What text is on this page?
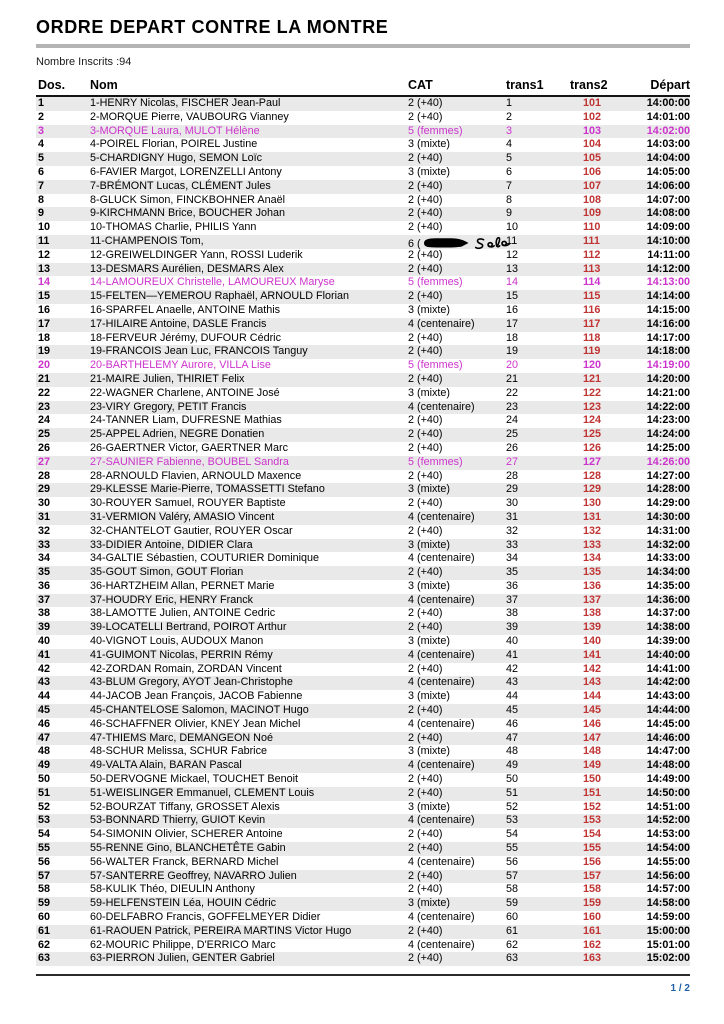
ORDRE DEPART CONTRE LA MONTRE
Nombre Inscrits :94
Dos.	Nom	CAT	trans1	trans2	Départ
1	1-HENRY Nicolas, FISCHER Jean-Paul	2 (+40)	1	101	14:00:00
2	2-MORQUE Pierre, VAUBOURG Vianney	2 (+40)	2	102	14:01:00
3	3-MORQUE Laura, MULOT Hélène	5 (femmes)	3	103	14:02:00
4	4-POIREL Florian, POIREL Justine	3 (mixte)	4	104	14:03:00
5	5-CHARDIGNY Hugo, SEMON Loïc	2 (+40)	5	105	14:04:00
6	6-FAVIER Margot, LORENZELLI Antony	3 (mixte)	6	106	14:05:00
7	7-BRÉMONT Lucas, CLÉMENT Jules	2 (+40)	7	107	14:06:00
8	8-GLUCK Simon, FINCKBOHNER Anaël	2 (+40)	8	108	14:07:00
9	9-KIRCHMANN Brice, BOUCHER Johan	2 (+40)	9	109	14:08:00
10	10-THOMAS Charlie, PHILIS Yann	2 (+40)	10	110	14:09:00
11	11-CHAMPENOIS Tom,	6 (	11	111	14:10:00
12	12-GREIWELDINGER Yann, ROSSI Luderik	2 (+40)	12	112	14:11:00
13	13-DESMARS Aurélien, DESMARS Alex	2 (+40)	13	113	14:12:00
14	14-LAMOUREUX Christelle, LAMOUREUX Maryse	5 (femmes)	14	114	14:13:00
15	15-FELTEN—YEMEROU Raphaël, ARNOULD Florian	2 (+40)	15	115	14:14:00
16	16-SPARFEL Anaelle, ANTOINE Mathis	3 (mixte)	16	116	14:15:00
17	17-HILAIRE Antoine, DASLE Francis	4 (centenaire)	17	117	14:16:00
18	18-FERVEUR Jérémy, DUFOUR Cédric	2 (+40)	18	118	14:17:00
19	19-FRANCOIS Jean Luc, FRANCOIS Tanguy	2 (+40)	19	119	14:18:00
20	20-BARTHELEMY Aurore, VILLA Lise	5 (femmes)	20	120	14:19:00
21	21-MAIRE Julien, THIRIET Felix	2 (+40)	21	121	14:20:00
22	22-WAGNER Charlene, ANTOINE José	3 (mixte)	22	122	14:21:00
23	23-VIRY Gregory, PETIT Francis	4 (centenaire)	23	123	14:22:00
24	24-TANNER Liam, DUFRESNE Mathias	2 (+40)	24	124	14:23:00
25	25-APPEL Adrien, NEGRE Donatien	2 (+40)	25	125	14:24:00
26	26-GAERTNER Victor, GAERTNER Marc	2 (+40)	26	126	14:25:00
27	27-SAUNIER Fabienne, BOUBEL Sandra	5 (femmes)	27	127	14:26:00
28	28-ARNOULD Flavien, ARNOULD Maxence	2 (+40)	28	128	14:27:00
29	29-KLESSE Marie-Pierre, TOMASSETTI Stefano	3 (mixte)	29	129	14:28:00
30	30-ROUYER Samuel, ROUYER Baptiste	2 (+40)	30	130	14:29:00
31	31-VERMION Valéry, AMASIO Vincent	4 (centenaire)	31	131	14:30:00
32	32-CHANTELOT Gautier, ROUYER Oscar	2 (+40)	32	132	14:31:00
33	33-DIDIER Antoine, DIDIER Clara	3 (mixte)	33	133	14:32:00
34	34-GALTIE Sébastien, COUTURIER Dominique	4 (centenaire)	34	134	14:33:00
35	35-GOUT Simon, GOUT Florian	2 (+40)	35	135	14:34:00
36	36-HARTZHEIM Allan, PERNET Marie	3 (mixte)	36	136	14:35:00
37	37-HOUDRY Eric, HENRY Franck	4 (centenaire)	37	137	14:36:00
38	38-LAMOTTE Julien, ANTOINE Cedric	2 (+40)	38	138	14:37:00
39	39-LOCATELLI Bertrand, POIROT Arthur	2 (+40)	39	139	14:38:00
40	40-VIGNOT Louis, AUDOUX Manon	3 (mixte)	40	140	14:39:00
41	41-GUIMONT Nicolas, PERRIN Rémy	4 (centenaire)	41	141	14:40:00
42	42-ZORDAN Romain, ZORDAN Vincent	2 (+40)	42	142	14:41:00
43	43-BLUM Gregory, AYOT Jean-Christophe	4 (centenaire)	43	143	14:42:00
44	44-JACOB Jean François, JACOB Fabienne	3 (mixte)	44	144	14:43:00
45	45-CHANTELOSE Salomon, MACINOT Hugo	2 (+40)	45	145	14:44:00
46	46-SCHAFFNER Olivier, KNEY Jean Michel	4 (centenaire)	46	146	14:45:00
47	47-THIEMS Marc, DEMANGEON Noé	2 (+40)	47	147	14:46:00
48	48-SCHUR Melissa, SCHUR Fabrice	3 (mixte)	48	148	14:47:00
49	49-VALTA Alain, BARAN Pascal	4 (centenaire)	49	149	14:48:00
50	50-DERVOGNE Mickael, TOUCHET Benoit	2 (+40)	50	150	14:49:00
51	51-WEISLINGER Emmanuel, CLEMENT Louis	2 (+40)	51	151	14:50:00
52	52-BOURZAT Tiffany, GROSSET Alexis	3 (mixte)	52	152	14:51:00
53	53-BONNARD Thierry, GUIOT Kevin	4 (centenaire)	53	153	14:52:00
54	54-SIMONIN Olivier, SCHERER Antoine	2 (+40)	54	154	14:53:00
55	55-RENNE Gino, BLANCHETÊTE Gabin	2 (+40)	55	155	14:54:00
56	56-WALTER Franck, BERNARD Michel	4 (centenaire)	56	156	14:55:00
57	57-SANTERRE Geoffrey, NAVARRO Julien	2 (+40)	57	157	14:56:00
58	58-KULIK Théo, DIEULIN Anthony	2 (+40)	58	158	14:57:00
59	59-HELFENSTEIN Léa, HOUIN Cédric	3 (mixte)	59	159	14:58:00
60	60-DELFABRO Francis, GOFFELMEYER Didier	4 (centenaire)	60	160	14:59:00
61	61-RAOUEN Patrick, PEREIRA MARTINS Victor Hugo	2 (+40)	61	161	15:00:00
62	62-MOURIC Philippe, D'ERRICO Marc	4 (centenaire)	62	162	15:01:00
63	63-PIERRON Julien, GENTER Gabriel	2 (+40)	63	163	15:02:00
1 / 2
